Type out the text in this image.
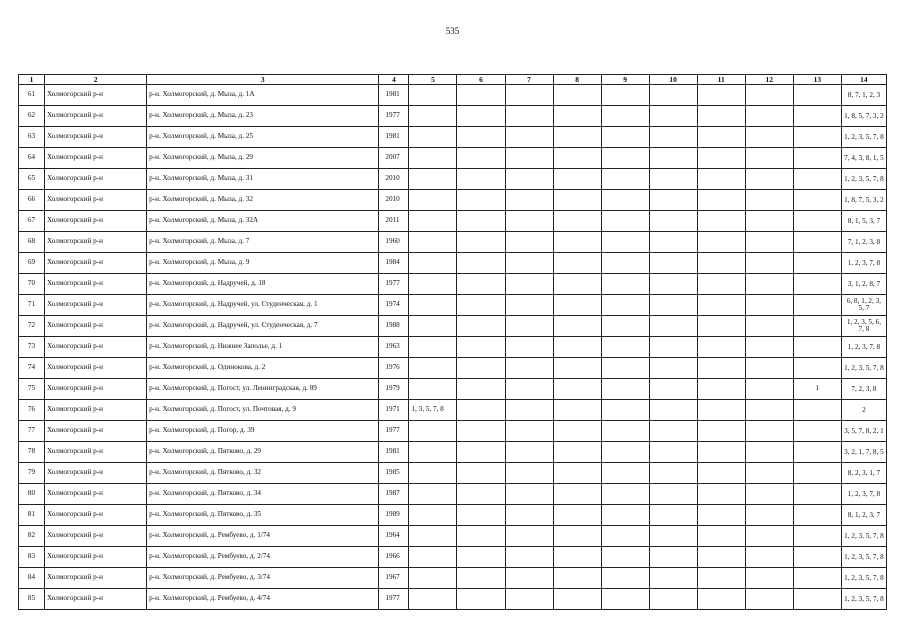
535
1	2	3	4	5	6	7	8	9	10	11	12	13	14
61	Холмогорский р-н	р-н. Холмогорский, д. Мыза, д. 1А	1981										8, 7, 1, 2, 3
62	Холмогорский р-н	р-н. Холмогорский, д. Мыза, д. 23	1977										1, 8, 5, 7, 3, 2
63	Холмогорский р-н	р-н. Холмогорский, д. Мыза, д. 25	1981										1, 2, 3, 5, 7, 8
64	Холмогорский р-н	р-н. Холмогорский, д. Мыза, д. 29	2007										7, 4, 3, 8, 1, 5
65	Холмогорский р-н	р-н. Холмогорский, д. Мыза, д. 31	2010										1, 2, 3, 5, 7, 8
66	Холмогорский р-н	р-н. Холмогорский, д. Мыза, д. 32	2010										1, 8, 7, 5, 3, 2
67	Холмогорский р-н	р-н. Холмогорский, д. Мыза, д. 32А	2011										8, 1, 5, 3, 7
68	Холмогорский р-н	р-н. Холмогорский, д. Мыза, д. 7	1960										7, 1, 2, 3, 8
69	Холмогорский р-н	р-н. Холмогорский, д. Мыза, д. 9	1984										1, 2, 3, 7, 8
70	Холмогорский р-н	р-н. Холмогорский, д. Надручей, д. 18	1977										3, 1, 2, 8, 7
71	Холмогорский р-н	р-н. Холмогорский, д. Надручей, ул. Студенческая, д. 1	1974										6, 8, 1, 2, 3, 5, 7
72	Холмогорский р-н	р-н. Холмогорский, д. Надручей, ул. Студенческая, д. 7	1988										1, 2, 3, 5, 6, 7, 8
73	Холмогорский р-н	р-н. Холмогорский, д. Нижнее Заполье, д. 1	1963										1, 2, 3, 7, 8
74	Холмогорский р-н	р-н. Холмогорский, д. Одинокова, д. 2	1976										1, 2, 3, 5, 7, 8
75	Холмогорский р-н	р-н. Холмогорский, д. Погост, ул. Ленинградская, д. 89	1979									1	7, 2, 3, 8
76	Холмогорский р-н	р-н. Холмогорский, д. Погост, ул. Почтовая, д. 9	1971	1, 3, 5, 7, 8									2
77	Холмогорский р-н	р-н. Холмогорский, д. Погор, д. 39	1977										3, 5, 7, 8, 2, 1
78	Холмогорский р-н	р-н. Холмогорский, д. Пятково, д. 29	1981										3, 2, 1, 7, 8, 5
79	Холмогорский р-н	р-н. Холмогорский, д. Пятково, д. 32	1985										8, 2, 3, 1, 7
80	Холмогорский р-н	р-н. Холмогорский, д. Пятково, д. 34	1987										1, 2, 3, 7, 8
81	Холмогорский р-н	р-н. Холмогорский, д. Пятково, д. 35	1989										8, 1, 2, 3, 7
82	Холмогорский р-н	р-н. Холмогорский, д. Рембуево, д. 1/74	1964										1, 2, 3, 5, 7, 8
83	Холмогорский р-н	р-н. Холмогорский, д. Рембуево, д. 2/74	1966										1, 2, 3, 5, 7, 8
84	Холмогорский р-н	р-н. Холмогорский, д. Рембуево, д. 3/74	1967										1, 2, 3, 5, 7, 8
85	Холмогорский р-н	р-н. Холмогорский, д. Рембуево, д. 4/74	1977										1, 2, 3, 5, 7, 8
